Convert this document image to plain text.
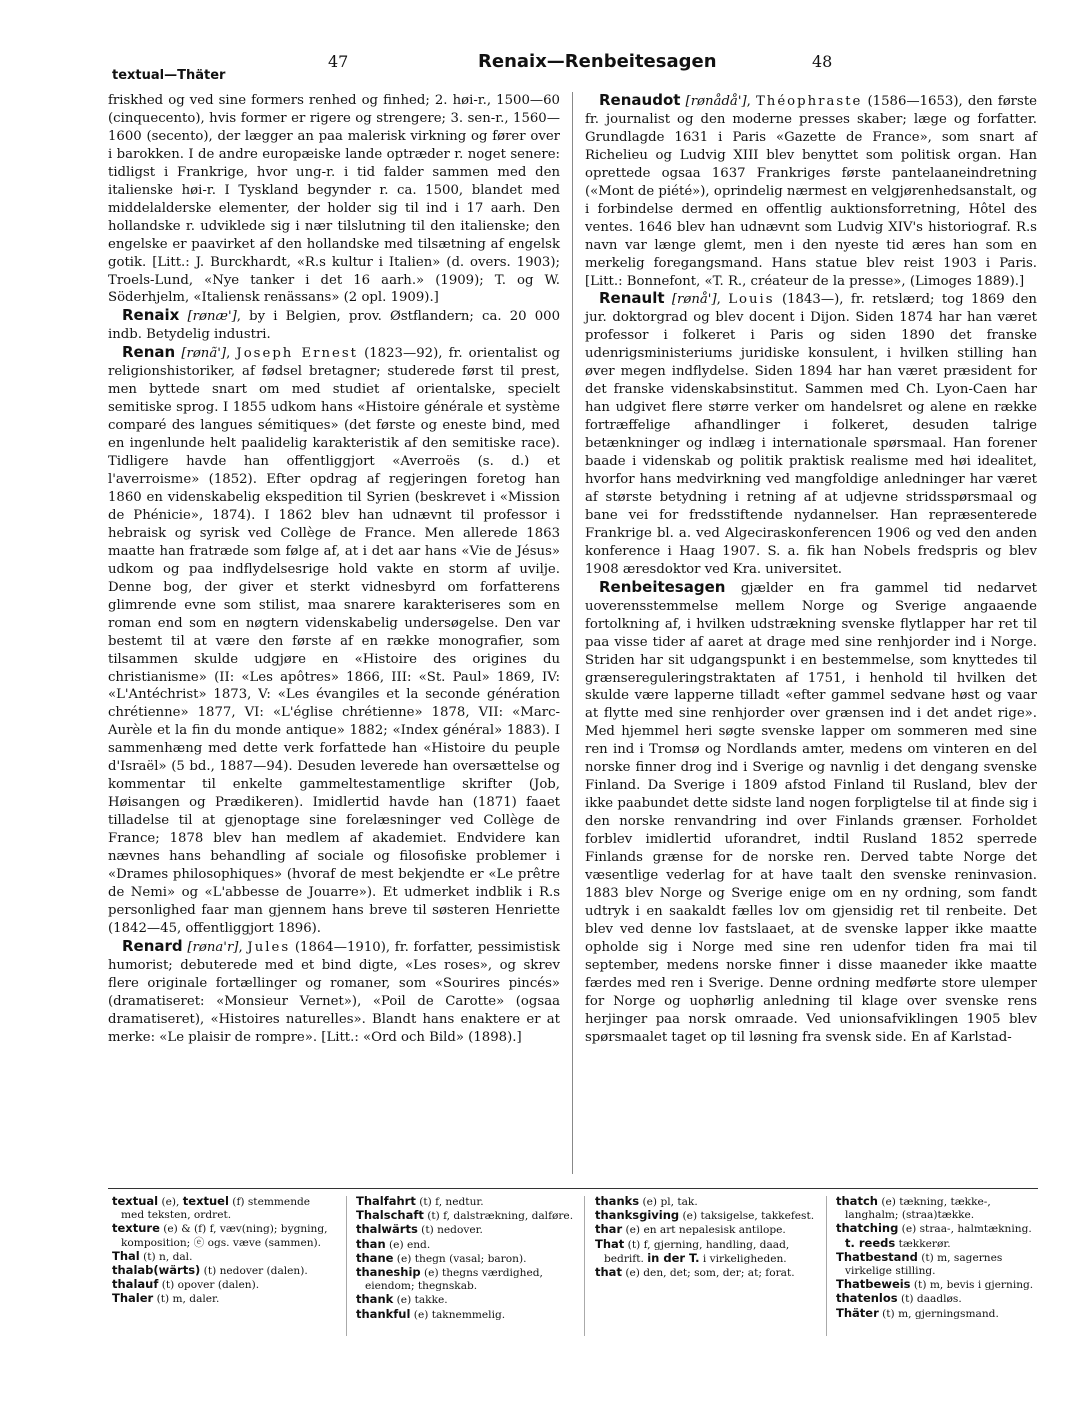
textual—Thäter
47	Renaix—Renbeitesagen	48

friskhed og ved sine formers renhed og finhed; 2. høi-r., 1500—60 (cinquecento), hvis former er rigere og strengere; 3. sen-r., 1560—1600 (secento), der lægger an paa malerisk virkning og fører over i barokken. I de andre europæiske lande optræder r. noget senere: tidligst i Frankrige, hvor ung-r. i tid falder sammen med den italienske høi-r. I Tyskland begynder r. ca. 1500, blandet med middelalderske elementer, der holder sig til ind i 17 aarh. Den hollandske r. udviklede sig i nær tilslutning til den italienske; den engelske er paavirket af den hollandske med tilsætning af engelsk gotik. [Litt.: J. Burckhardt, «R.s kultur i Italien» (d. overs. 1903); Troels-Lund, «Nye tanker i det 16 aarh.» (1909); T. og W. Söderhjelm, «Italiensk renässans» (2 opl. 1909).]

Renaix [rønæ'], by i Belgien, prov. Østflandern; ca. 20 000 indb. Betydelig industri.

Renan [rønã'], Joseph Ernest (1823—92), fr. orientalist og religionshistoriker, af fødsel bretagner; studerede først til prest, men byttede snart om med studiet af orientalske, specielt semitiske sprog. I 1855 udkom hans «Histoire générale et système comparé des langues sémitiques» (det første og eneste bind, med en ingenlunde helt paalidelig karakteristik af den semitiske race). Tidligere havde han offentliggjort «Averroës (s. d.) et l'averroisme» (1852). Efter opdrag af regjeringen foretog han 1860 en videnskabelig ekspedition til Syrien (beskrevet i «Mission de Phénicie», 1874). I 1862 blev han udnævnt til professor i hebraisk og syrisk ved Collège de France. Men allerede 1863 maatte han fratræde som følge af, at i det aar hans «Vie de Jésus» udkom og paa indflydelsesrige hold vakte en storm af uvilje. Denne bog, der giver et sterkt vidnesbyrd om forfatterens glimrende evne som stilist, maa snarere karakteriseres som en roman end som en nøgtern videnskabelig undersøgelse. Den var bestemt til at være den første af en række monografier, som tilsammen skulde udgjøre en «Histoire des origines du christianisme» (II: «Les apôtres» 1866, III: «St. Paul» 1869, IV: «L'Antéchrist» 1873, V: «Les évangiles et la seconde génération chrétienne» 1877, VI: «L'église chrétienne» 1878, VII: «Marc-Aurèle et la fin du monde antique» 1882; «Index général» 1883). I sammenhæng med dette verk forfattede han «Histoire du peuple d'Israël» (5 bd., 1887—94). Desuden leverede han oversættelse og kommentar til enkelte gammeltestamentlige skrifter (Job, Høisangen og Prædikeren). Imidlertid havde han (1871) faaet tilladelse til at gjenoptage sine forelæsninger ved Collège de France; 1878 blev han medlem af akademiet. Endvidere kan nævnes hans behandling af sociale og filosofiske problemer i «Drames philosophiques» (hvoraf de mest bekjendte er «Le prêtre de Nemi» og «L'abbesse de Jouarre»). Et udmerket indblik i R.s personlighed faar man gjennem hans breve til søsteren Henriette (1842—45, offentliggjort 1896).

Renard [røna'r], Jules (1864—1910), fr. forfatter, pessimistisk humorist; debuterede med et bind digte, «Les roses», og skrev flere originale fortællinger og romaner, som «Sourires pincés» (dramatiseret: «Monsieur Vernet»), «Poil de Carotte» (ogsaa dramatiseret), «Histoires naturelles». Blandt hans enaktere er at merke: «Le plaisir de rompre». [Litt.: «Ord och Bild» (1898).]

Renaudot [rønådå'], Théophraste (1586—1653), den første fr. journalist og den moderne presses skaber; læge og forfatter. Grundlagde 1631 i Paris «Gazette de France», som snart af Richelieu og Ludvig XIII blev benyttet som politisk organ. Han oprettede ogsaa 1637 Frankriges første pantelaaneindretning («Mont de piété»), oprindelig nærmest en velgjørenhedsanstalt, og i forbindelse dermed en offentlig auktionsforretning, Hôtel des ventes. 1646 blev han udnævnt som Ludvig XIV's historiograf. R.s navn var længe glemt, men i den nyeste tid æres han som en merkelig foregangsmand. Hans statue blev reist 1903 i Paris. [Litt.: Bonnefont, «T. R., créateur de la presse», (Limoges 1889).]

Renault [rønå'], Louis (1843—), fr. retslærd; tog 1869 den jur. doktorgrad og blev docent i Dijon. Siden 1874 har han været professor i folkeret i Paris og siden 1890 det franske udenrigsministeriums juridiske konsulent, i hvilken stilling han øver megen indflydelse. Siden 1894 har han været præsident for det franske videnskabsinstitut. Sammen med Ch. Lyon-Caen har han udgivet flere større verker om handelsret og alene en række fortræffelige afhandlinger i folkeret, desuden talrige betænkninger og indlæg i internationale spørsmaal. Han forener baade i videnskab og politik praktisk realisme med høi idealitet, hvorfor hans medvirkning ved mangfoldige anledninger har været af største betydning i retning af at udjevne stridsspørsmaal og bane vei for fredsstiftende nydannelser. Han repræsenterede Frankrige bl. a. ved Algeciraskonferencen 1906 og ved den anden konference i Haag 1907. S. a. fik han Nobels fredspris og blev 1908 æresdoktor ved Kra. universitet.

Renbeitesagen gjælder en fra gammel tid nedarvet uoverensstemmelse mellem Norge og Sverige angaaende fortolkning af, i hvilken udstrækning svenske flytlapper har ret til paa visse tider af aaret at drage med sine renhjorder ind i Norge. Striden har sit udgangspunkt i en bestemmelse, som knyttedes til grænsereguleringstraktaten af 1751, i henhold til hvilken det skulde være lapperne tilladt «efter gammel sedvane høst og vaar at flytte med sine renhjorder over grænsen ind i det andet rige». Med hjemmel heri søgte svenske lapper om sommeren med sine ren ind i Tromsø og Nordlands amter, medens om vinteren en del norske finner drog ind i Sverige og navnlig i det dengang svenske Finland. Da Sverige i 1809 afstod Finland til Rusland, blev der ikke paabundet dette sidste land nogen forpligtelse til at finde sig i den norske renvandring ind over Finlands grænser. Forholdet forblev imidlertid uforandret, indtil Rusland 1852 sperrede Finlands grænse for de norske ren. Derved tabte Norge det væsentlige vederlag for at have taalt den svenske reninvasion. 1883 blev Norge og Sverige enige om en ny ordning, som fandt udtryk i en saakaldt fælles lov om gjensidig ret til renbeite. Det blev ved denne lov fastslaaet, at de svenske lapper ikke maatte opholde sig i Norge med sine ren udenfor tiden fra mai til september, medens norske finner i disse maaneder ikke maatte færdes med ren i Sverige. Denne ordning medførte store ulemper for Norge og uophørlig anledning til klage over svenske rens herjinger paa norsk omraade. Ved unionsafviklingen 1905 blev spørsmaalet taget op til løsning fra svensk side. En af Karlstad-

textual (e), textuel (f) stemmende med teksten, ordret.

texture (e) & (f) f, væv(ning); bygning, komposition; ⓔ ogs. væve (sammen).

Thal (t) n, dal.

thalab(wärts) (t) nedover (dalen).

thalauf (t) opover (dalen).

Thaler (t) m, daler.

Thalfahrt (t) f, nedtur.

Thalschaft (t) f, dalstrækning, dalføre.

thalwärts (t) nedover.

than (e) end.

thane (e) thegn (vasal; baron).

thaneship (e) thegns værdighed, eiendom; thegnskab.

thank (e) takke.

thankful (e) taknemmelig.

thanks (e) pl, tak.

thanksgiving (e) taksigelse, takkefest.

thar (e) en art nepalesisk antilope.

That (t) f, gjerning, handling, daad, bedrift. in der T. i virkeligheden.

that (e) den, det; som, der; at; forat.

thatch (e) tækning, tække-, langhalm; (straa)tække.

thatching (e) straa-, halmtækning. t. reeds tækkerør.

Thatbestand (t) m, sagernes virkelige stilling.

Thatbeweis (t) m, bevis i gjerning.

thatenlos (t) daadløs.

Thäter (t) m, gjerningsmand.
